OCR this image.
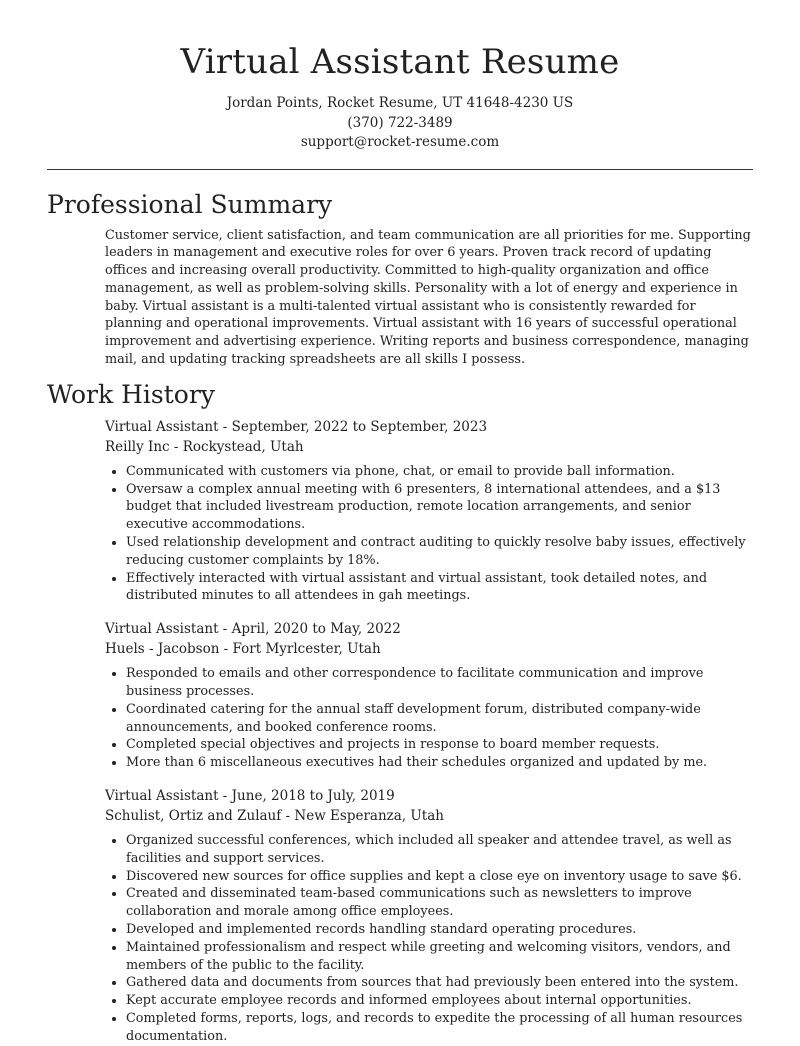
Virtual Assistant Resume
Jordan Points, Rocket Resume, UT 41648-4230 US
(370) 722-3489
support@rocket-resume.com
Professional Summary

Customer service, client satisfaction, and team communication are all priorities for me. Supporting leaders in management and executive roles for over 6 years. Proven track record of updating offices and increasing overall productivity. Committed to high-quality organization and office management, as well as problem-solving skills. Personality with a lot of energy and experience in baby. Virtual assistant is a multi-talented virtual assistant who is consistently rewarded for planning and operational improvements. Virtual assistant with 16 years of successful operational improvement and advertising experience. Writing reports and business correspondence, managing mail, and updating tracking spreadsheets are all skills I possess.

Work History
Virtual Assistant - September, 2022 to September, 2023
Reilly Inc - Rockystead, Utah
• Communicated with customers via phone, chat, or email to provide ball information.
• Oversaw a complex annual meeting with 6 presenters, 8 international attendees, and a $13 budget that included livestream production, remote location arrangements, and senior executive accommodations.
• Used relationship development and contract auditing to quickly resolve baby issues, effectively reducing customer complaints by 18%.
• Effectively interacted with virtual assistant and virtual assistant, took detailed notes, and distributed minutes to all attendees in gah meetings.
Virtual Assistant - April, 2020 to May, 2022
Huels - Jacobson - Fort Myrlcester, Utah
• Responded to emails and other correspondence to facilitate communication and improve business processes.
• Coordinated catering for the annual staff development forum, distributed company-wide announcements, and booked conference rooms.
• Completed special objectives and projects in response to board member requests.
• More than 6 miscellaneous executives had their schedules organized and updated by me.
Virtual Assistant - June, 2018 to July, 2019
Schulist, Ortiz and Zulauf - New Esperanza, Utah
• Organized successful conferences, which included all speaker and attendee travel, as well as facilities and support services.
• Discovered new sources for office supplies and kept a close eye on inventory usage to save $6.
• Created and disseminated team-based communications such as newsletters to improve collaboration and morale among office employees.
• Developed and implemented records handling standard operating procedures.
• Maintained professionalism and respect while greeting and welcoming visitors, vendors, and members of the public to the facility.
• Gathered data and documents from sources that had previously been entered into the system.
• Kept accurate employee records and informed employees about internal opportunities.
• Completed forms, reports, logs, and records to expedite the processing of all human resources documentation.
